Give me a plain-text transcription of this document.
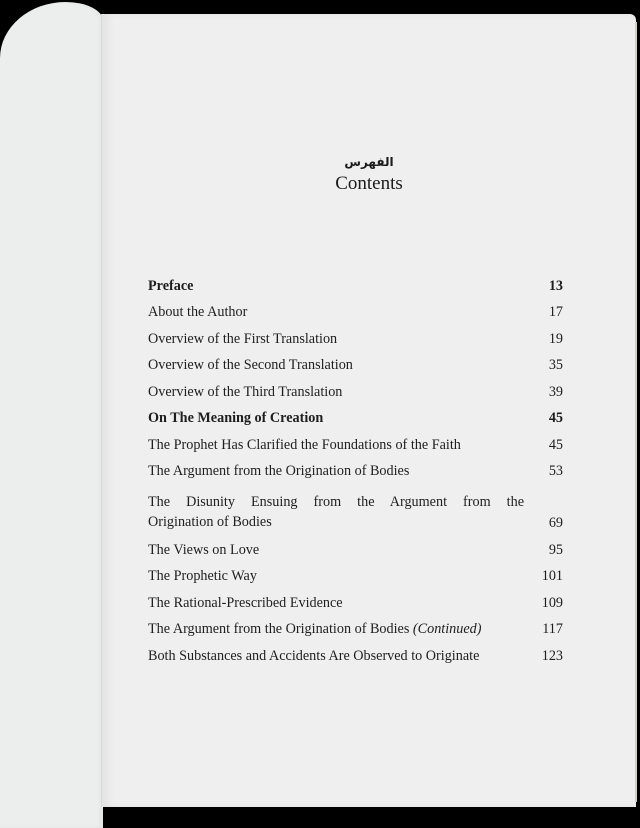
الفهرس
Contents
Preface	13
About the Author	17
Overview of the First Translation	19
Overview of the Second Translation	35
Overview of the Third Translation	39
On The Meaning of Creation	45
The Prophet Has Clarified the Foundations of the Faith	45
The Argument from the Origination of Bodies	53
The Disunity Ensuing from the Argument from the
Origination of Bodies	69
The Views on Love	95
The Prophetic Way	101
The Rational-Prescribed Evidence	109
The Argument from the Origination of Bodies (Continued)	117
Both Substances and Accidents Are Observed to Originate	123
